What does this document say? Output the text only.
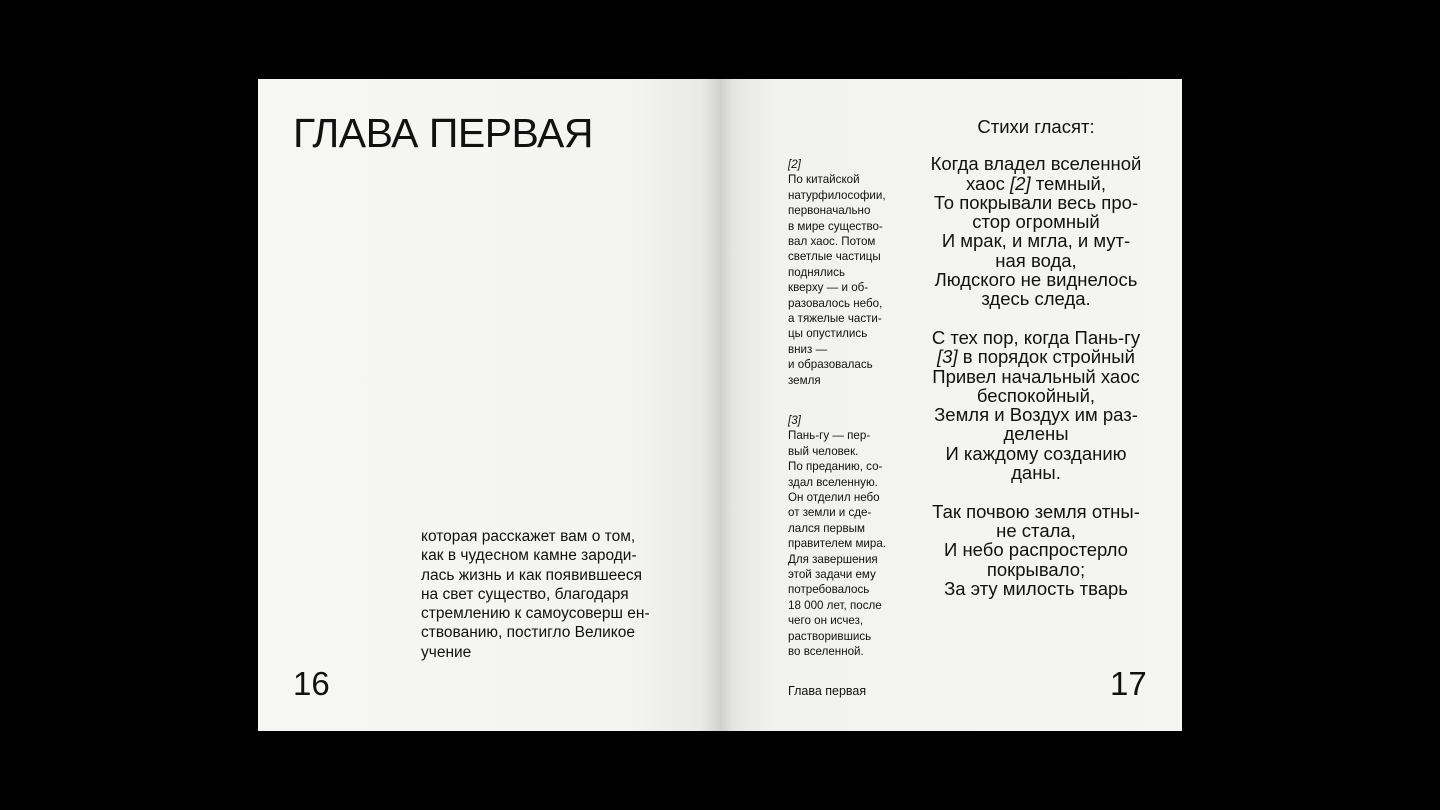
ГЛАВА ПЕРВАЯ
которая расскажет вам о том,
как в чудесном камне зароди-
лась жизнь и как появившееся
на свет существо, благодаря
стремлению к самоусоверш ен-
ствованию, постигло Великое
учение
16
[2]
По китайской
натурфилософии,
первоначально
в мире существо-
вал хаос. Потом
светлые частицы
поднялись
кверху — и об-
разовалось небо,
а тяжелые части-
цы опустились
вниз —
и образовалась
земля
[3]
Пань-гу — пер-
вый человек.
По преданию, со-
здал вселенную.
Он отделил небо
от земли и сде-
лался первым
правителем мира.
Для завершения
этой задачи ему
потребовалось
18 000 лет, после
чего он исчез,
растворившись
во вселенной.
Глава первая
Стихи гласят:
Когда владел вселенной
хаос [2] темный,
То покрывали весь про-
стор огромный
И мрак, и мгла, и мут-
ная вода,
Людского не виднелось
здесь следа.
С тех пор, когда Пань-гу
[3] в порядок стройный
Привел начальный хаос
беспокойный,
Земля и Воздух им раз-
делены
И каждому созданию
даны.
Так почвою земля отны-
не стала,
И небо распростерло
покрывало;
За эту милость тварь
17
